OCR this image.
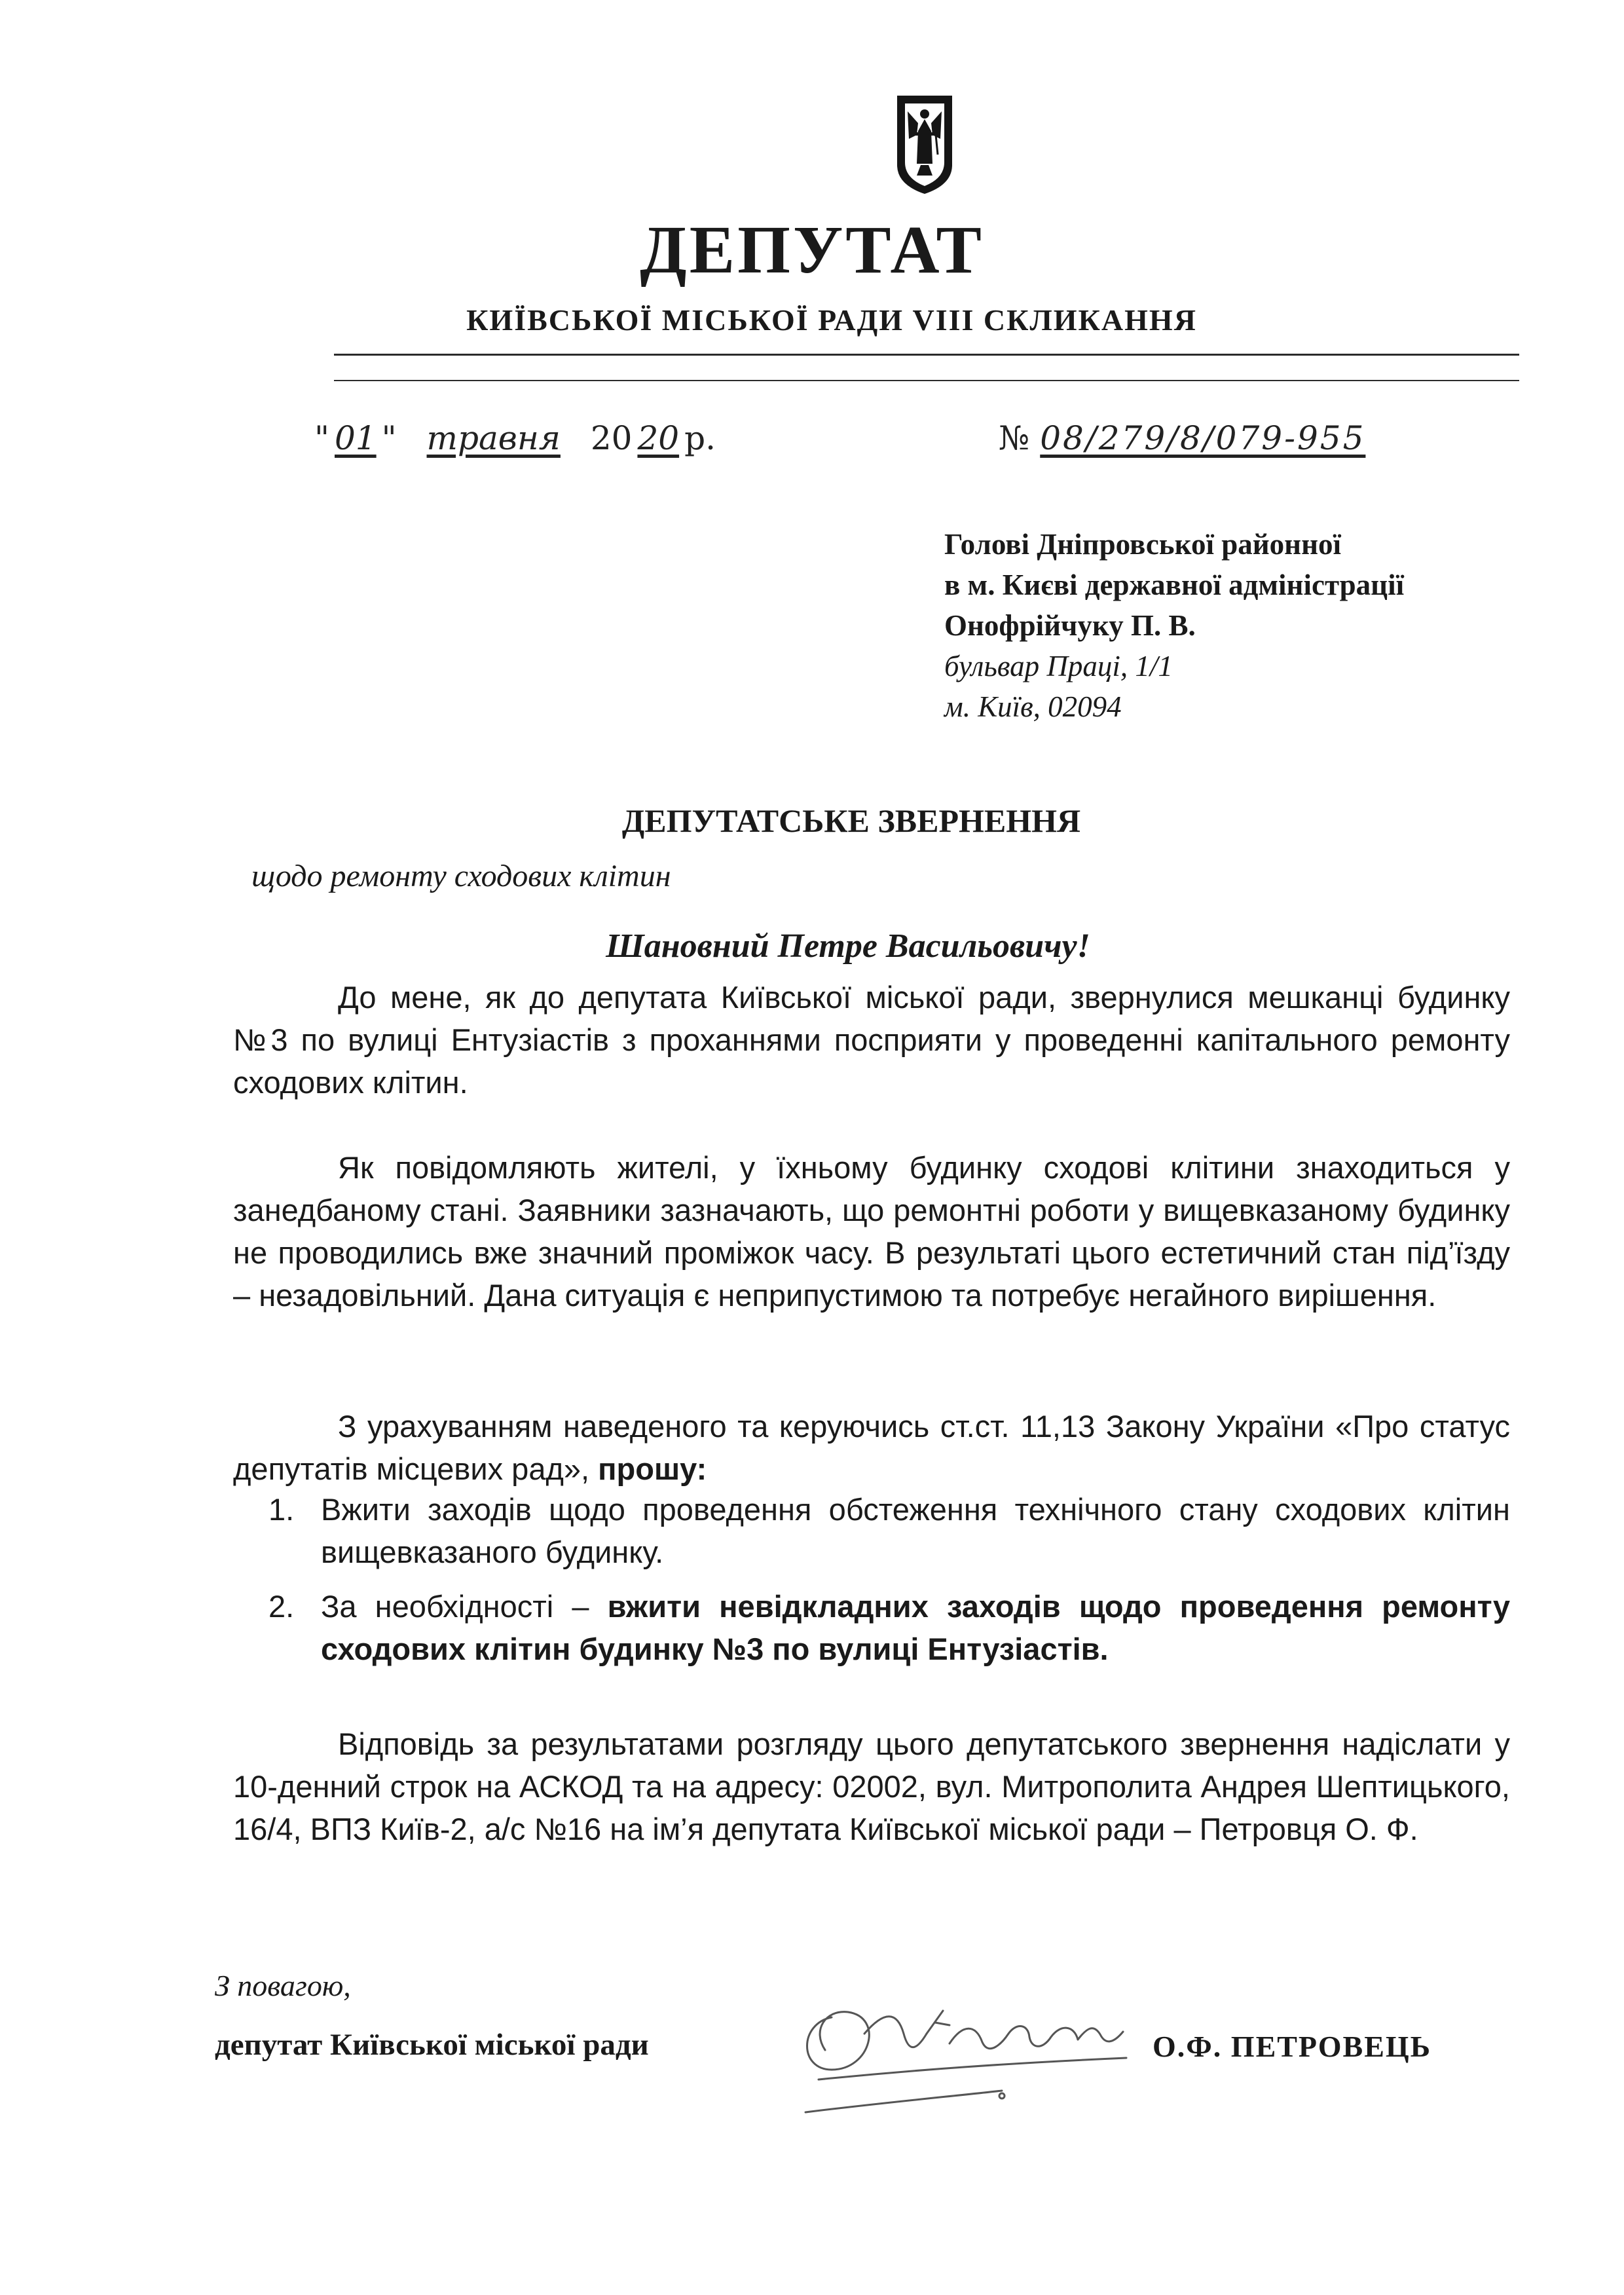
ДЕПУТАТ
КИЇВСЬКОЇ МІСЬКОЇ РАДИ VIII СКЛИКАННЯ
" 01 " травня 20 20 р.	№ 08/279/8/079-955
Голові Дніпровської районної
в м. Києві державної адміністрації
Онофрійчуку П. В.
бульвар Праці, 1/1
м. Київ, 02094
ДЕПУТАТСЬКЕ ЗВЕРНЕННЯ
щодо ремонту сходових клітин
Шановний Петре Васильовичу!
До мене, як до депутата Київської міської ради, звернулися мешканці будинку №3 по вулиці Ентузіастів з проханнями посприяти у проведенні капітального ремонту сходових клітин.
Як повідомляють жителі, у їхньому будинку сходові клітини знаходиться у занедбаному стані. Заявники зазначають, що ремонтні роботи у вищевказаному будинку не проводились вже значний проміжок часу. В результаті цього естетичний стан під’їзду – незадовільний. Дана ситуація є неприпустимою та потребує негайного вирішення.
З урахуванням наведеного та керуючись ст.ст. 11,13 Закону України «Про статус депутатів місцевих рад», прошу:
1. Вжити заходів щодо проведення обстеження технічного стану сходових клітин вищевказаного будинку.
2. За необхідності – вжити невідкладних заходів щодо проведення ремонту сходових клітин будинку №3 по вулиці Ентузіастів.
Відповідь за результатами розгляду цього депутатського звернення надіслати у 10-денний строк на АСКОД та на адресу: 02002, вул. Митрополита Андрея Шептицького, 16/4, ВПЗ Київ-2, а/с №16 на ім’я депутата Київської міської ради – Петровця О. Ф.
З повагою,
депутат Київської міської ради	О.Ф. ПЕТРОВЕЦЬ
